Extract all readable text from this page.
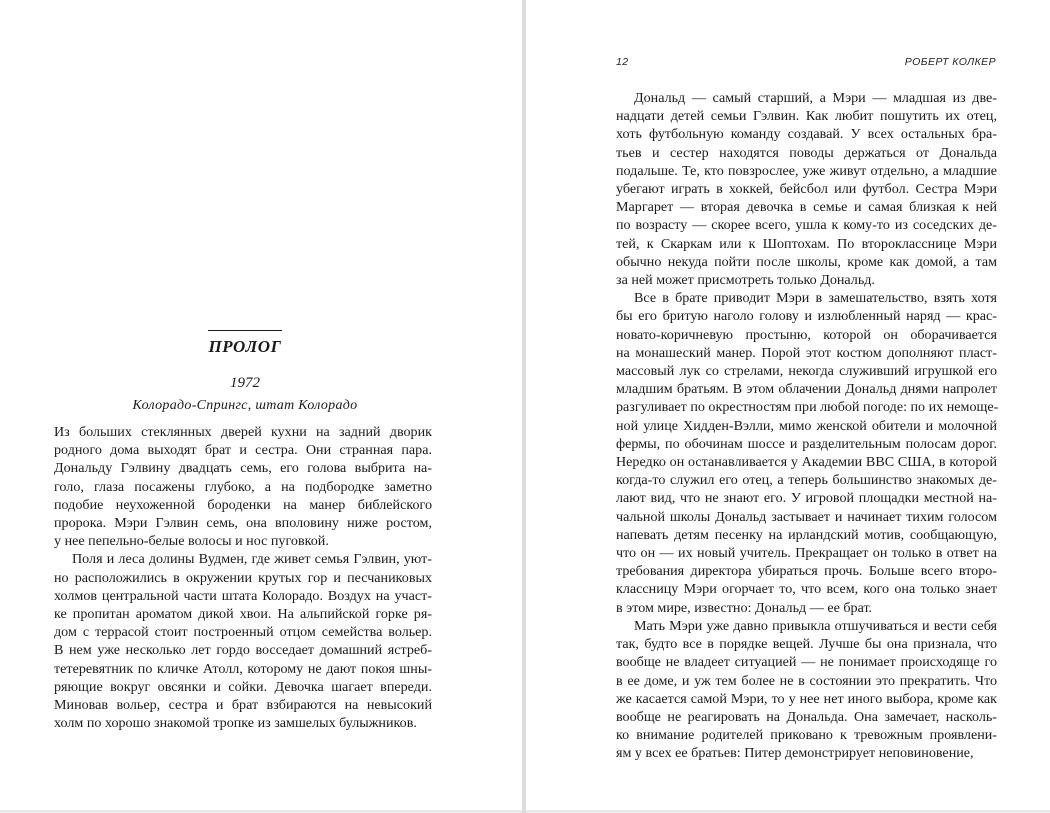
ПРОЛОГ
1972
Колорадо-Спрингс, штат Колорадо

Из больших стеклянных дверей кухни на задний дворик
родного дома выходят брат и сестра. Они странная пара.
Дональду Гэлвину двадцать семь, его голова выбрита на-
голо, глаза посажены глубоко, а на подбородке заметно
подобие неухоженной бороденки на манер библейского
пророка. Мэри Гэлвин семь, она вполовину ниже ростом,
у нее пепельно-белые волосы и нос пуговкой.

Поля и леса долины Вудмен, где живет семья Гэлвин, уют-
но расположились в окружении крутых гор и песчаниковых
холмов центральной части штата Колорадо. Воздух на участ-
ке пропитан ароматом дикой хвои. На альпийской горке ря-
дом с террасой стоит построенный отцом семейства вольер.
В нем уже несколько лет гордо восседает домашний ястреб-
тетеревятник по кличке Атолл, которому не дают покоя шны-
ряющие вокруг овсянки и сойки. Девочка шагает впереди.
Миновав вольер, сестра и брат взбираются на невысокий
холм по хорошо знакомой тропке из замшелых булыжников.

12	РОБЕРТ КОЛКЕР

Дональд — самый старший, а Мэри — младшая из две-
надцати детей семьи Гэлвин. Как любит пошутить их отец,
хоть футбольную команду создавай. У всех остальных бра-
тьев и сестер находятся поводы держаться от Дональда
подальше. Те, кто повзрослее, уже живут отдельно, а младшие
убегают играть в хоккей, бейсбол или футбол. Сестра Мэри
Маргарет — вторая девочка в семье и самая близкая к ней
по возрасту — скорее всего, ушла к кому-то из соседских де-
тей, к Скаркам или к Шоптохам. По второкласснице Мэри
обычно некуда пойти после школы, кроме как домой, а там
за ней может присмотреть только Дональд.

Все в брате приводит Мэри в замешательство, взять хотя
бы его бритую наголо голову и излюбленный наряд — крас-
новато-коричневую простыню, которой он оборачивается
на монашеский манер. Порой этот костюм дополняют пласт-
массовый лук со стрелами, некогда служивший игрушкой его
младшим братьям. В этом облачении Дональд днями напролет
разгуливает по окрестностям при любой погоде: по их немоще-
ной улице Хидден-Вэлли, мимо женской обители и молочной
фермы, по обочинам шоссе и разделительным полосам дорог.
Нередко он останавливается у Академии ВВС США, в которой
когда-то служил его отец, а теперь большинство знакомых де-
лают вид, что не знают его. У игровой площадки местной на-
чальной школы Дональд застывает и начинает тихим голосом
напевать детям песенку на ирландский мотив, сообщающую,
что он — их новый учитель. Прекращает он только в ответ на
требования директора убираться прочь. Больше всего второ-
классницу Мэри огорчает то, что всем, кого она только знает
в этом мире, известно: Дональд — ее брат.

Мать Мэри уже давно привыкла отшучиваться и вести себя
так, будто все в порядке вещей. Лучше бы она признала, что
вообще не владеет ситуацией — не понимает происходяще го
в ее доме, и уж тем более не в состоянии это прекратить. Что
же касается самой Мэри, то у нее нет иного выбора, кроме как
вообще не реагировать на Дональда. Она замечает, насколь-
ко внимание родителей приковано к тревожным проявлени-
ям у всех ее братьев: Питер демонстрирует неповиновение,
